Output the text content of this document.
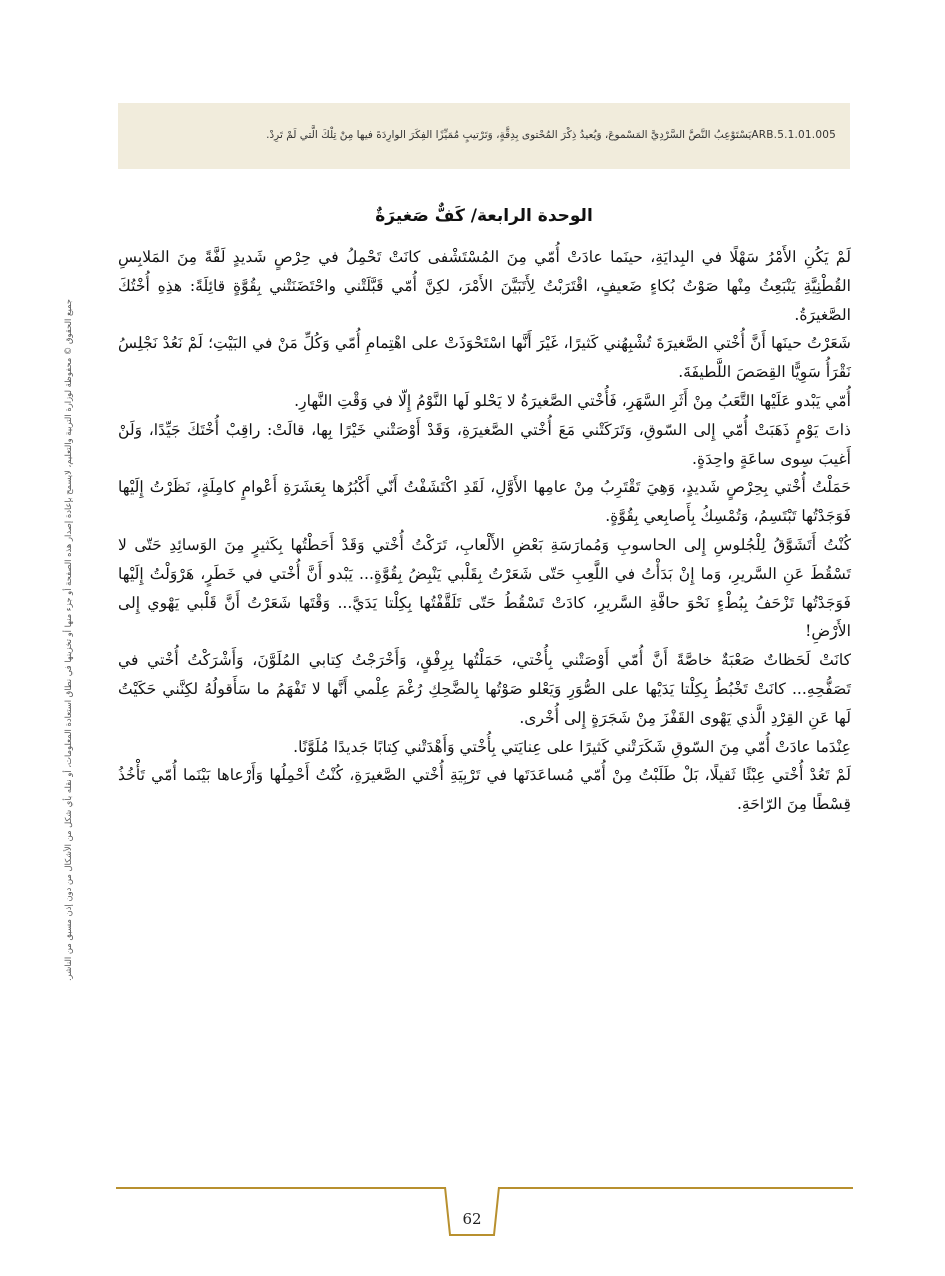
ARB.5.1.01.005يَسْتَوْعِبُ النَّصَّ السَّرْدِيَّ المَسْموعَ، وَيُعيدُ ذِكْرَ المُحْتوى بِدِقَّةٍ، وَتَرْتيبٍ مُمَيِّزًا الفِكَرَ الوارِدَةَ فيها مِنْ تِلْكَ الَّتي لَمْ تَرِدْ.
جميع الحقوق © محفوظة لوزارة التربية والتعليم، لايسمح بإعادة إصدار هذه الصفحة أو جزء منها أو تخزينها في نطاق استعادة المعلومات، أو نقله بأي شكل من الأشكال من دون إذن مسبق من الناشر.
الوحدة الرابعة/ كَفٌّ صَغيرَةٌ

لَمْ يَكُنِ الأَمْرُ سَهْلًا في البِدايَةِ، حينَما عادَتْ أُمّي مِنَ المُسْتَشْفى كانَتْ تَحْمِلُ في حِرْصٍ شَديدٍ لَفَّةً مِنَ المَلابِسِ القُطْنِيَّةِ يَنْبَعِثُ مِنْها صَوْتُ بُكاءٍ ضَعيفٍ، اقْتَرَبْتُ لِأَتَبَيَّنَ الأَمْرَ، لكِنَّ أُمّي قَبَّلَتْني واحْتَضَنَتْني بِقُوَّةٍ قائِلَةً: هذِهِ أُخْتُكَ الصَّغيرَةُ.

شَعَرْتُ حينَها أَنَّ أُخْتي الصَّغيرَةَ تُشْبِهُني كَثيرًا، غَيْرَ أَنَّها اسْتَحْوَذَتْ على اهْتِمامِ أُمّي وَكُلِّ مَنْ في البَيْتِ؛ لَمْ نَعُدْ نَجْلِسُ نَقْرَأُ سَوِيًّا القِصَصَ اللَّطيفَةَ.

أُمّي يَبْدو عَلَيْها التَّعَبُ مِنْ أَثَرِ السَّهَرِ، فَأُخْتي الصَّغيرَةُ لا يَحْلو لَها النَّوْمُ إِلّا في وَقْتِ النَّهارِ.

ذاتَ يَوْمٍ ذَهَبَتْ أُمّي إِلى السّوقِ، وَتَرَكَتْني مَعَ أُخْتي الصَّغيرَةِ، وَقَدْ أَوْصَتْني خَيْرًا بِها، قالَتْ: راقِبْ أُخْتَكَ جَيِّدًا، وَلَنْ أَغيبَ سِوى ساعَةٍ واحِدَةٍ.

حَمَلْتُ أُخْتي بِحِرْصٍ شَديدٍ، وَهِيَ تَقْتَرِبُ مِنْ عامِها الأَوَّلِ، لَقَدِ اكْتَشَفْتُ أَنّي أَكْبُرُها بِعَشَرَةِ أَعْوامٍ كامِلَةٍ، نَظَرْتُ إِلَيْها فَوَجَدْتُها تَبْتَسِمُ، وَتُمْسِكُ بِأَصابِعي بِقُوَّةٍ.

كُنْتُ أَتَشَوَّقُ لِلْجُلوسِ إِلى الحاسوبِ وَمُمارَسَةِ بَعْضِ الأَلْعابِ، تَرَكْتُ أُخْتي وَقَدْ أَحَطْتُها بِكَثيرٍ مِنَ الوَسائِدِ حَتّى لا تَسْقُطَ عَنِ السَّريرِ، وَما إِنْ بَدَأْتُ في اللَّعِبِ حَتّى شَعَرْتُ بِقَلْبي يَنْبِضُ بِقُوَّةٍ... يَبْدو أَنَّ أُخْتي في خَطَرٍ، هَرْوَلْتُ إِلَيْها فَوَجَدْتُها تَزْحَفُ بِبُطْءٍ نَحْوَ حافَّةِ السَّريرِ، كادَتْ تَسْقُطُ حَتّى تَلَقَّفْتُها بِكِلْتا يَدَيَّ... وَقْتَها شَعَرْتُ أَنَّ قَلْبي يَهْوي إِلى الأَرْضِ!

كانَتْ لَحَظاتٌ صَعْبَةٌ خاصَّةً أَنَّ أُمّي أَوْصَتْني بِأُخْتي، حَمَلْتُها بِرِفْقٍ، وَأَخْرَجْتُ كِتابي المُلَوَّنَ، وَأَشْرَكْتُ أُخْتي في تَصَفُّحِهِ... كانَتْ تَخْبُطُ بِكِلْتا يَدَيْها على الصُّوَرِ وَيَعْلو صَوْتُها بِالضَّحِكِ رُغْمَ عِلْمي أَنَّها لا تَفْهَمُ ما سَأَقولُهُ لكِنَّني حَكَيْتُ لَها عَنِ القِرْدِ الَّذي يَهْوى القَفْزَ مِنْ شَجَرَةٍ إِلى أُخْرى.

عِنْدَما عادَتْ أُمّي مِنَ السّوقِ شَكَرَتْني كَثيرًا على عِنايَتي بِأُخْتي وَأَهْدَتْني كِتابًا جَديدًا مُلَوَّنًا.

لَمْ تَعُدْ أُخْتي عِبْئًا ثَقيلًا، بَلْ طَلَبْتُ مِنْ أُمّي مُساعَدَتَها في تَرْبِيَةِ أُخْتي الصَّغيرَةِ، كُنْتُ أَحْمِلُها وَأَرْعاها بَيْنَما أُمّي تَأْخُذُ قِسْطًا مِنَ الرّاحَةِ.

62
